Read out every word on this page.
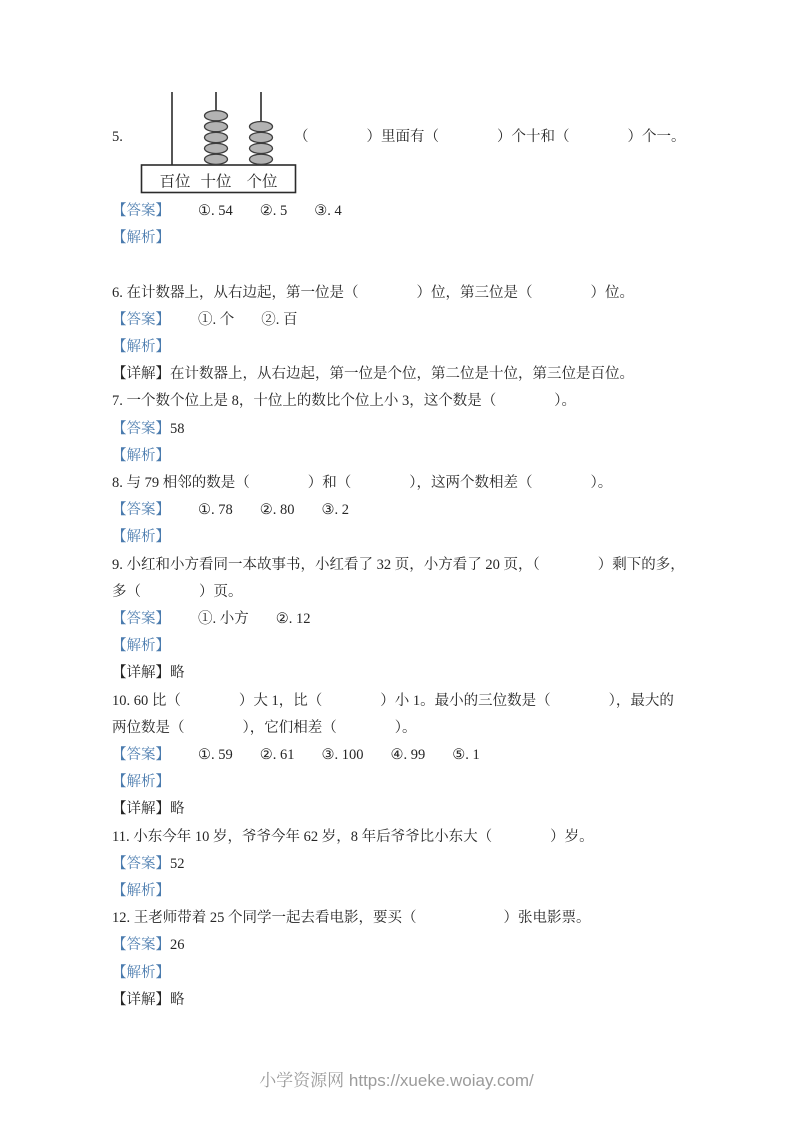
百位 十位 个位
5.	（　　　　）里面有（　　　　）个十和（　　　　）个一。
【答案】 ①. 54 ②. 5 ③. 4
【解析】
6. 在计数器上，从右边起，第一位是（　　　　）位，第三位是（　　　　）位。
【答案】 ①. 个 ②. 百
【解析】
【详解】在计数器上，从右边起，第一位是个位，第二位是十位，第三位是百位。
7. 一个数个位上是 8，十位上的数比个位上小 3，这个数是（　　　　）。
【答案】58
【解析】
8. 与 79 相邻的数是（　　　　）和（　　　　），这两个数相差（　　　　）。
【答案】 ①. 78 ②. 80 ③. 2
【解析】
9. 小红和小方看同一本故事书，小红看了 32 页，小方看了 20 页，（　　　　）剩下的多，多（　　　　）页。
【答案】 ①. 小方 ②. 12
【解析】
【详解】略
10. 60 比（　　　　）大 1，比（　　　　）小 1。最小的三位数是（　　　　），最大的两位数是（　　　　），它们相差（　　　　）。
【答案】 ①. 59 ②. 61 ③. 100 ④. 99 ⑤. 1
【解析】
【详解】略
11. 小东今年 10 岁，爷爷今年 62 岁，8 年后爷爷比小东大（　　　　）岁。
【答案】52
【解析】
12. 王老师带着 25 个同学一起去看电影，要买（　　　　　　）张电影票。
【答案】26
【解析】
【详解】略
小学资源网 https://xueke.woiay.com/
